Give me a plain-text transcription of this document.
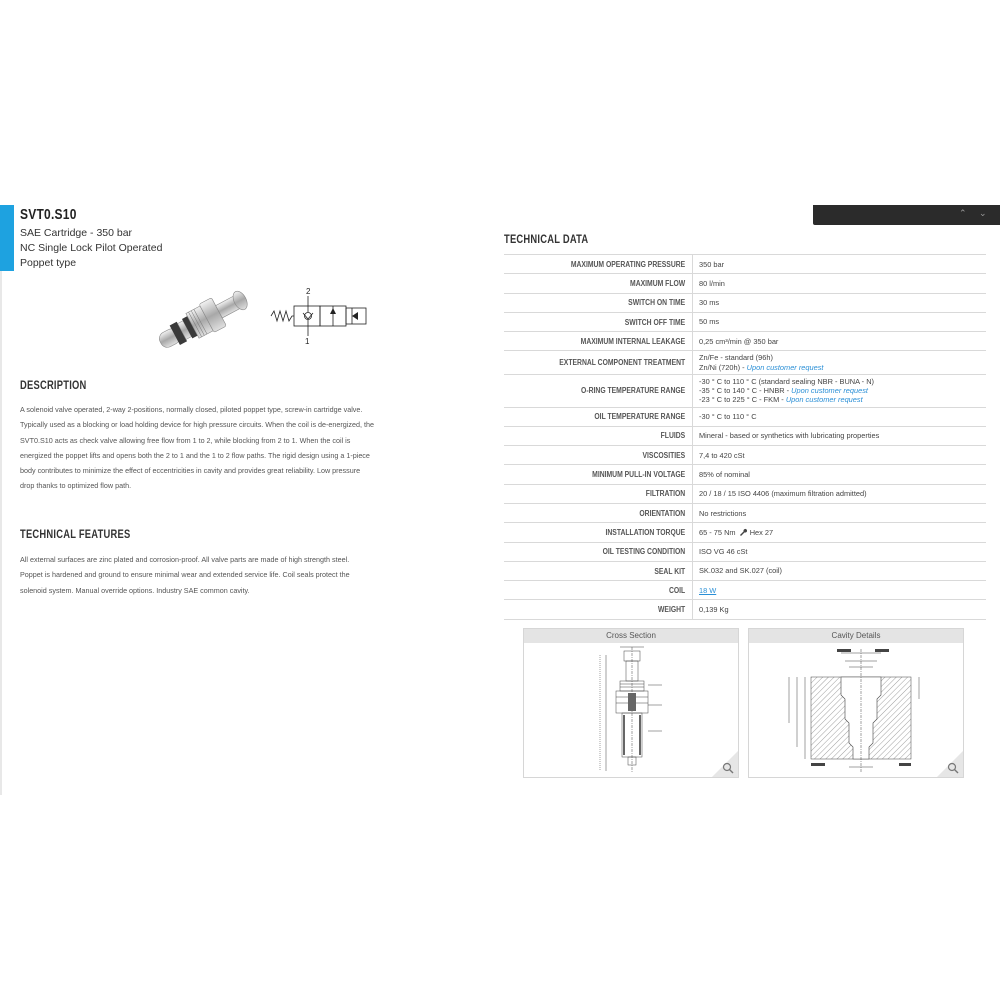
⌃ ⌄
SVT0.S10
SAE Cartridge - 350 bar
NC Single Lock Pilot Operated
Poppet type
2
1
DESCRIPTION
A solenoid valve operated, 2-way 2-positions, normally closed, piloted poppet type, screw-in cartridge valve.
Typically used as a blocking or load holding device for high pressure circuits. When the coil is de-energized, the
SVT0.S10 acts as check valve allowing free flow from 1 to 2, while blocking from 2 to 1. When the coil is
energized the poppet lifts and opens both the 2 to 1 and the 1 to 2 flow paths. The rigid design using a 1-piece
body contributes to minimize the effect of eccentricities in cavity and provides great reliability. Low pressure
drop thanks to optimized flow path.
TECHNICAL FEATURES
All external surfaces are zinc plated and corrosion-proof. All valve parts are made of high strength steel.
Poppet is hardened and ground to ensure minimal wear and extended service life. Coil seals protect the
solenoid system. Manual override options. Industry SAE common cavity.
TECHNICAL DATA
MAXIMUM OPERATING PRESSURE	350 bar
MAXIMUM FLOW	80 l/min
SWITCH ON TIME	30 ms
SWITCH OFF TIME	50 ms
MAXIMUM INTERNAL LEAKAGE	0,25 cm³/min @ 350 bar
EXTERNAL COMPONENT TREATMENT
Zn/Fe - standard (96h)
Zn/Ni (720h) - Upon customer request
O-RING TEMPERATURE RANGE
-30 ° C to 110 ° C (standard sealing NBR - BUNA - N)
-35 ° C to 140 ° C - HNBR - Upon customer request
-23 ° C to 225 ° C - FKM - Upon customer request
OIL TEMPERATURE RANGE	-30 ° C to 110 ° C
FLUIDS	Mineral - based or synthetics with lubricating properties
VISCOSITIES	7,4 to 420 cSt
MINIMUM PULL-IN VOLTAGE	85% of nominal
FILTRATION	20 / 18 / 15 ISO 4406 (maximum filtration admitted)
ORIENTATION	No restrictions
INSTALLATION TORQUE	65 - 75 Nm Hex 27
OIL TESTING CONDITION	ISO VG 46 cSt
SEAL KIT	SK.032 and SK.027 (coil)
COIL	18 W
WEIGHT	0,139 Kg
Cross Section	Cavity Details
